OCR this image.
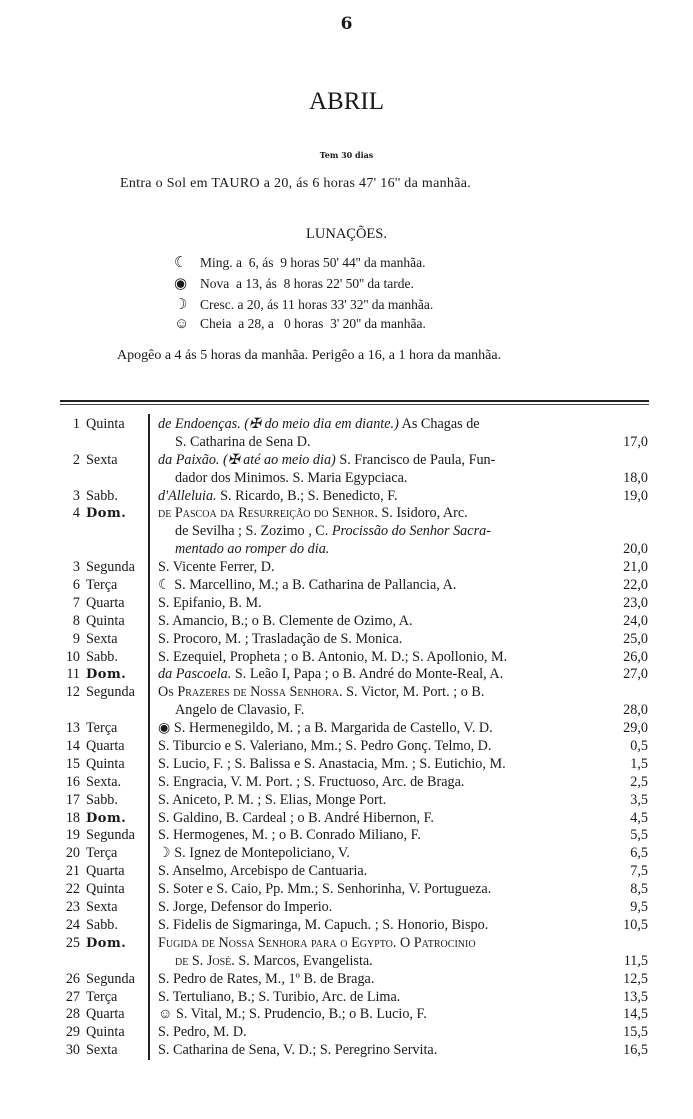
6
ABRIL
Tem 30 dias
Entra o Sol em TAURO a 20, ás 6 horas 47' 16'' da manhãa.
LUNAÇÕES.
☾ Ming. a  6, ás  9 horas 50' 44'' da manhãa.
◉ Nova  a 13, ás  8 horas 22' 50'' da tarde.
☽ Cresc. a 20, ás 11 horas 33' 32'' da manhãa.
☺ Cheia  a 28, a   0 horas  3' 20'' da manhãa.
Apogêo a 4 ás 5 horas da manhãa. Perigêo a 16, a 1 hora da manhãa.
1 Quinta de Endoenças. (✠ do meio dia em diante.) As Chagas de
S. Catharina de Sena D.	17,0
2 Sexta	da Paixão. (✠ até ao meio dia) S. Francisco de Paula, Fun-
dador dos Minimos. S. Maria Egypciaca.	18,0
3 Sabb.	d'Alleluia. S. Ricardo, B.; S. Benedicto, F.	19,0
4 Dom. de Pascoa da Resurreição do Senhor. S. Isidoro, Arc.
de Sevilha ; S. Zozimo , C. Procissão do Senhor Sacra-
mentado ao romper do dia.	20,0
3 Segunda S. Vicente Ferrer, D.	21,0
6 Terça	☾ S. Marcellino, M.; a B. Catharina de Pallancia, A.	22,0
7 Quarta S. Epifanio, B. M.	23,0
8 Quinta S. Amancio, B.; o B. Clemente de Ozimo, A.	24,0
9 Sexta	S. Procoro, M. ; Trasladação de S. Monica.	25,0
10 Sabb.	S. Ezequiel, Propheta ; o B. Antonio, M. D.; S. Apollonio, M.	26,0
11 Dom. da Pascoela. S. Leão I, Papa ; o B. André do Monte-Real, A.	27,0
12 Segunda Os Prazeres de Nossa Senhora. S. Victor, M. Port. ; o B.
Angelo de Clavasio, F.	28,0
13 Terça	◉ S. Hermenegildo, M. ; a B. Margarida de Castello, V. D.	29,0
14 Quarta S. Tiburcio e S. Valeriano, Mm.; S. Pedro Gonç. Telmo, D.	0,5
15 Quinta S. Lucio, F. ; S. Balissa e S. Anastacia, Mm. ; S. Eutichio, M.	1,5
16 Sexta.	S. Engracia, V. M. Port. ; S. Fructuoso, Arc. de Braga.	2,5
17 Sabb.	S. Aniceto, P. M. ; S. Elias, Monge Port.	3,5
18 Dom. S. Galdino, B. Cardeal ; o B. André Hibernon, F.	4,5
19 Segunda S. Hermogenes, M. ; o B. Conrado Miliano, F.	5,5
20 Terça	☽ S. Ignez de Montepoliciano, V.	6,5
21 Quarta S. Anselmo, Arcebispo de Cantuaria.	7,5
22 Quinta S. Soter e S. Caio, Pp. Mm.; S. Senhorinha, V. Portugueza.	8,5
23 Sexta	S. Jorge, Defensor do Imperio.	9,5
24 Sabb.	S. Fidelis de Sigmaringa, M. Capuch. ; S. Honorio, Bispo.	10,5
25 Dom. Fugida de Nossa Senhora para o Egypto. O Patrocinio
de S. José. S. Marcos, Evangelista.	11,5
26 Segunda S. Pedro de Rates, M., 1º B. de Braga.	12,5
27 Terça	S. Tertuliano, B.; S. Turibio, Arc. de Lima.	13,5
28 Quarta ☺ S. Vital, M.; S. Prudencio, B.; o B. Lucio, F.	14,5
29 Quinta S. Pedro, M. D.	15,5
30 Sexta	S. Catharina de Sena, V. D.; S. Peregrino Servita.	16,5
